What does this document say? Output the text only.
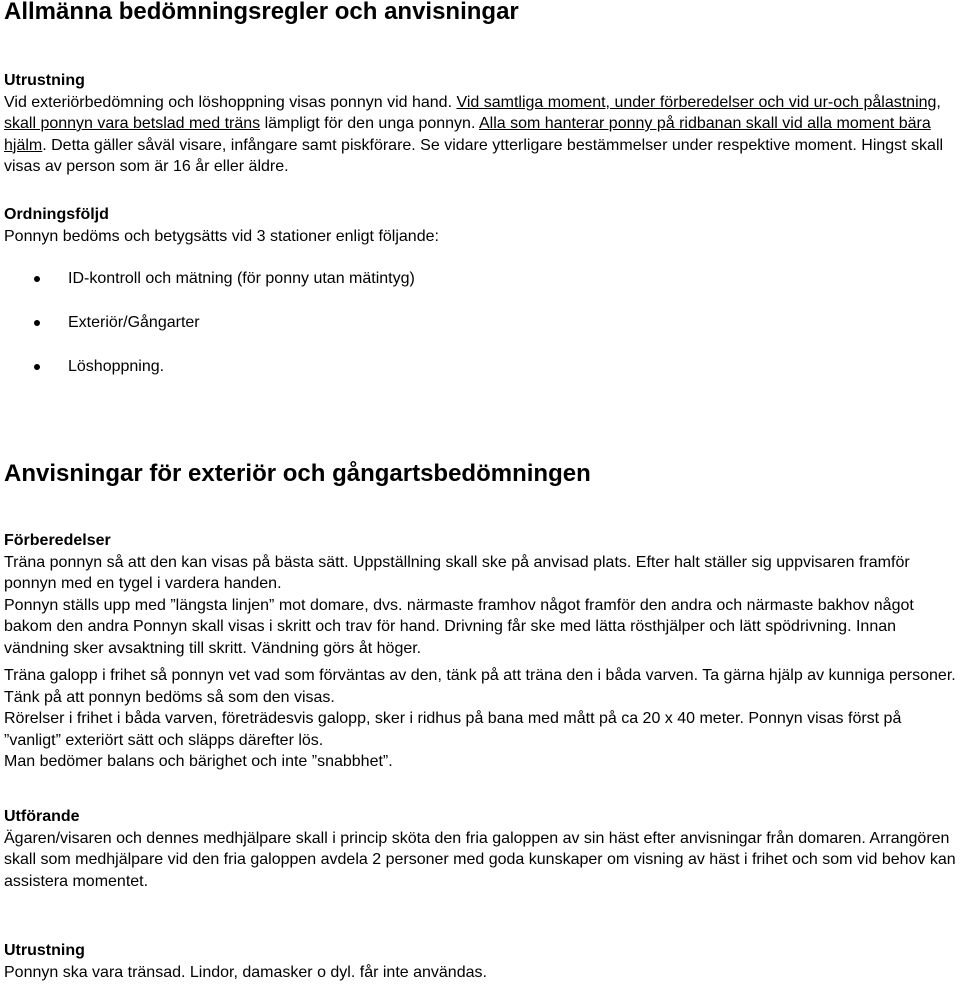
Allmänna bedömningsregler och anvisningar
Utrustning
Vid exteriörbedömning och löshoppning visas ponnyn vid hand. Vid samtliga moment, under förberedelser och vid ur-och pålastning, skall ponnyn vara betslad med träns lämpligt för den unga ponnyn. Alla som hanterar ponny på ridbanan skall vid alla moment bära hjälm. Detta gäller såväl visare, infångare samt piskförare. Se vidare ytterligare bestämmelser under respektive moment. Hingst skall visas av person som är 16 år eller äldre.
Ordningsföljd
Ponnyn bedöms och betygsätts vid 3 stationer enligt följande:
ID-kontroll och mätning (för ponny utan mätintyg)
Exteriör/Gångarter
Löshoppning.
Anvisningar för exteriör och gångartsbedömningen
Förberedelser
Träna ponnyn så att den kan visas på bästa sätt. Uppställning skall ske på anvisad plats. Efter halt ställer sig uppvisaren framför ponnyn med en tygel i vardera handen.
Ponnyn ställs upp med ”längsta linjen” mot domare, dvs. närmaste framhov något framför den andra och närmaste bakhov något bakom den andra Ponnyn skall visas i skritt och trav för hand. Drivning får ske med lätta rösthjälper och lätt spödrivning. Innan vändning sker avsaktning till skritt. Vändning görs åt höger.
Träna galopp i frihet så ponnyn vet vad som förväntas av den, tänk på att träna den i båda varven. Ta gärna hjälp av kunniga personer. Tänk på att ponnyn bedöms så som den visas.
Rörelser i frihet i båda varven, företrädesvis galopp, sker i ridhus på bana med mått på ca 20 x 40 meter. Ponnyn visas först på ”vanligt” exteriört sätt och släpps därefter lös.
Man bedömer balans och bärighet och inte ”snabbhet”.
Utförande
Ägaren/visaren och dennes medhjälpare skall i princip sköta den fria galoppen av sin häst efter anvisningar från domaren. Arrangören skall som medhjälpare vid den fria galoppen avdela 2 personer med goda kunskaper om visning av häst i frihet och som vid behov kan assistera momentet.
Utrustning
Ponnyn ska vara tränsad. Lindor, damasker o dyl. får inte användas.
